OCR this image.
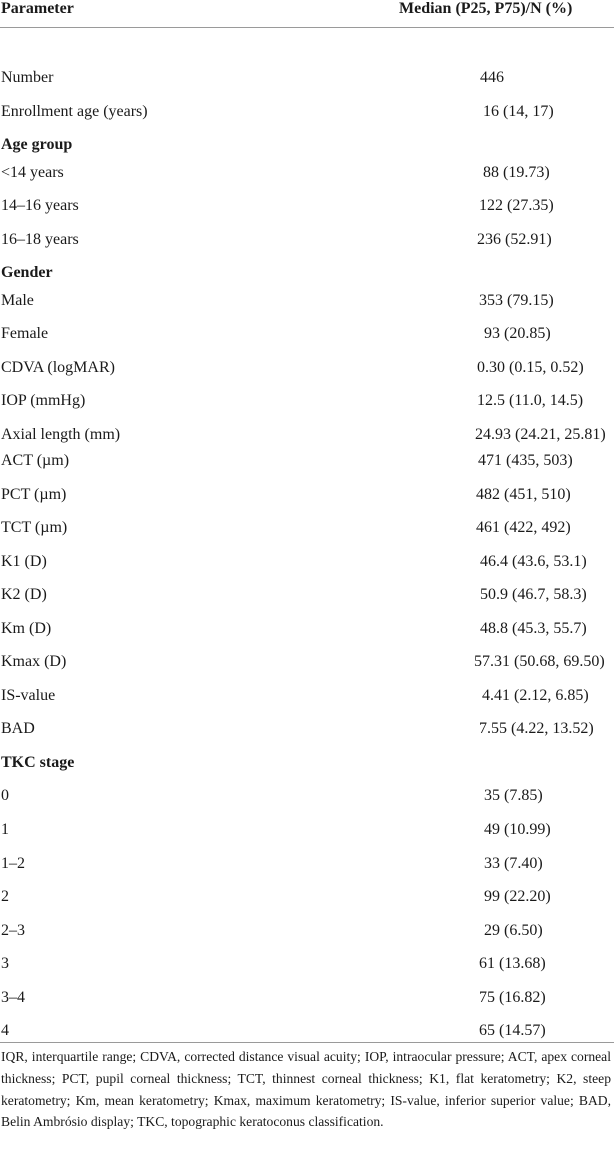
Parameter	Median (P25, P75)/N (%)
Number	446
Enrollment age (years)	16 (14, 17)
Age group
<14 years	88 (19.73)
14–16 years	122 (27.35)
16–18 years	236 (52.91)
Gender
Male	353 (79.15)
Female	93 (20.85)
CDVA (logMAR)	0.30 (0.15, 0.52)
IOP (mmHg)	12.5 (11.0, 14.5)
Axial length (mm)	24.93 (24.21, 25.81)
ACT (µm)	471 (435, 503)
PCT (µm)	482 (451, 510)
TCT (µm)	461 (422, 492)
K1 (D)	46.4 (43.6, 53.1)
K2 (D)	50.9 (46.7, 58.3)
Km (D)	48.8 (45.3, 55.7)
Kmax (D)	57.31 (50.68, 69.50)
IS-value	4.41 (2.12, 6.85)
BAD	7.55 (4.22, 13.52)
TKC stage
0	35 (7.85)
1	49 (10.99)
1–2	33 (7.40)
2	99 (22.20)
2–3	29 (6.50)
3	61 (13.68)
3–4	75 (16.82)
4	65 (14.57)
IQR, interquartile range; CDVA, corrected distance visual acuity; IOP, intraocular pressure; ACT, apex corneal thickness; PCT, pupil corneal thickness; TCT, thinnest corneal thickness; K1, flat keratometry; K2, steep keratometry; Km, mean keratometry; Kmax, maximum keratometry; IS-value, inferior superior value; BAD, Belin Ambrósio display; TKC, topographic keratoconus classification.
